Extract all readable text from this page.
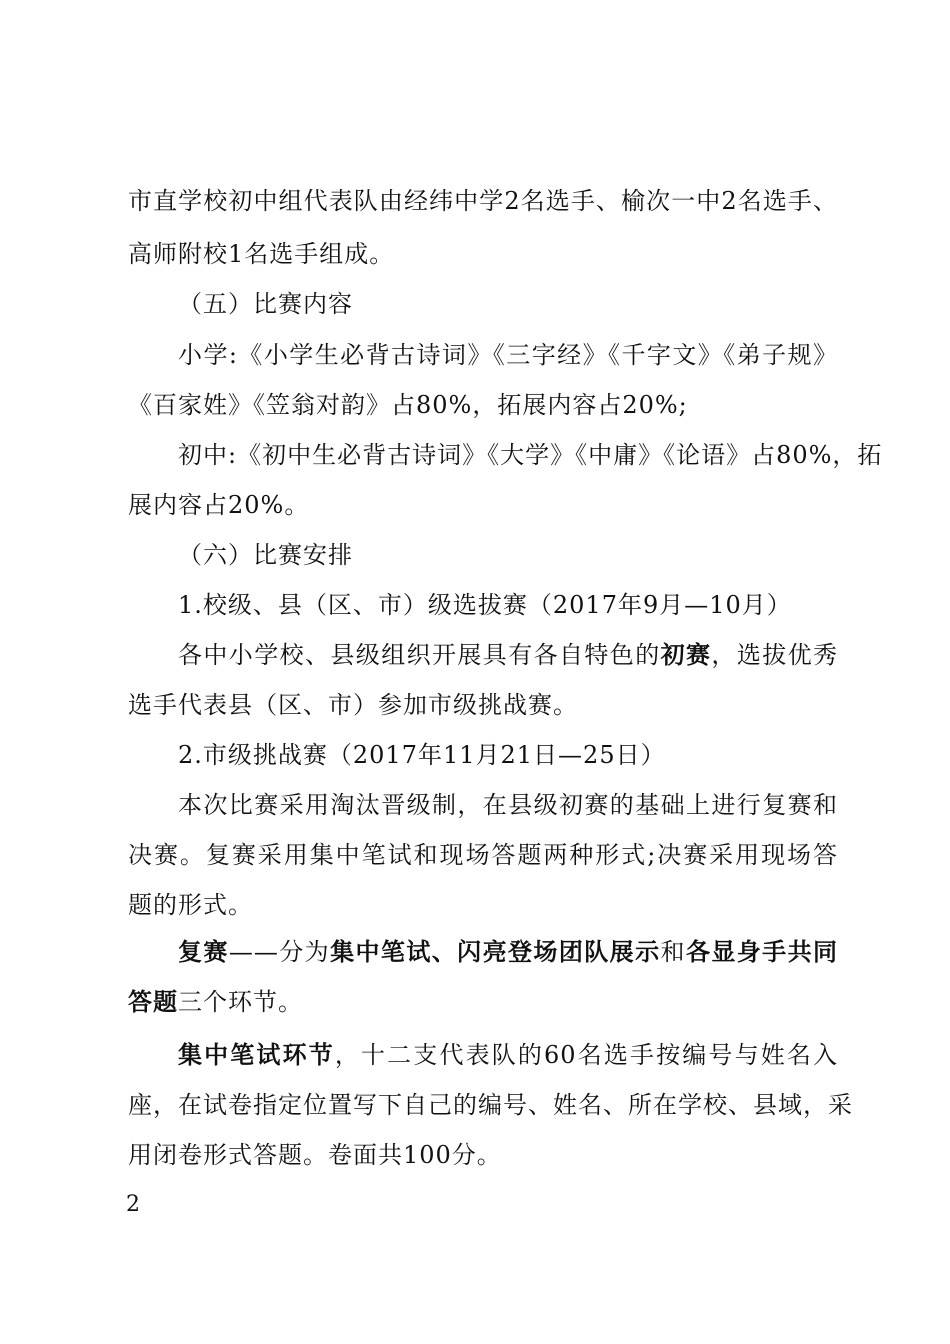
市直学校初中组代表队由经纬中学2名选手、榆次一中2名选手、
高师附校1名选手组成。
（五）比赛内容
小学:《小学生必背古诗词》《三字经》《千字文》《弟子规》
《百家姓》《笠翁对韵》占80%，拓展内容占20%;
初中:《初中生必背古诗词》《大学》《中庸》《论语》占80%，拓
展内容占20%。
（六）比赛安排
1.校级、县（区、市）级选拔赛（2017年9月—10月）
各中小学校、县级组织开展具有各自特色的初赛，选拔优秀
选手代表县（区、市）参加市级挑战赛。
2.市级挑战赛（2017年11月21日—25日）
本次比赛采用淘汰晋级制，在县级初赛的基础上进行复赛和
决赛。复赛采用集中笔试和现场答题两种形式;决赛采用现场答
题的形式。
复赛——分为集中笔试、闪亮登场团队展示和各显身手共同
答题三个环节。
集中笔试环节，十二支代表队的60名选手按编号与姓名入
座，在试卷指定位置写下自己的编号、姓名、所在学校、县域，采
用闭卷形式答题。卷面共100分。
2
